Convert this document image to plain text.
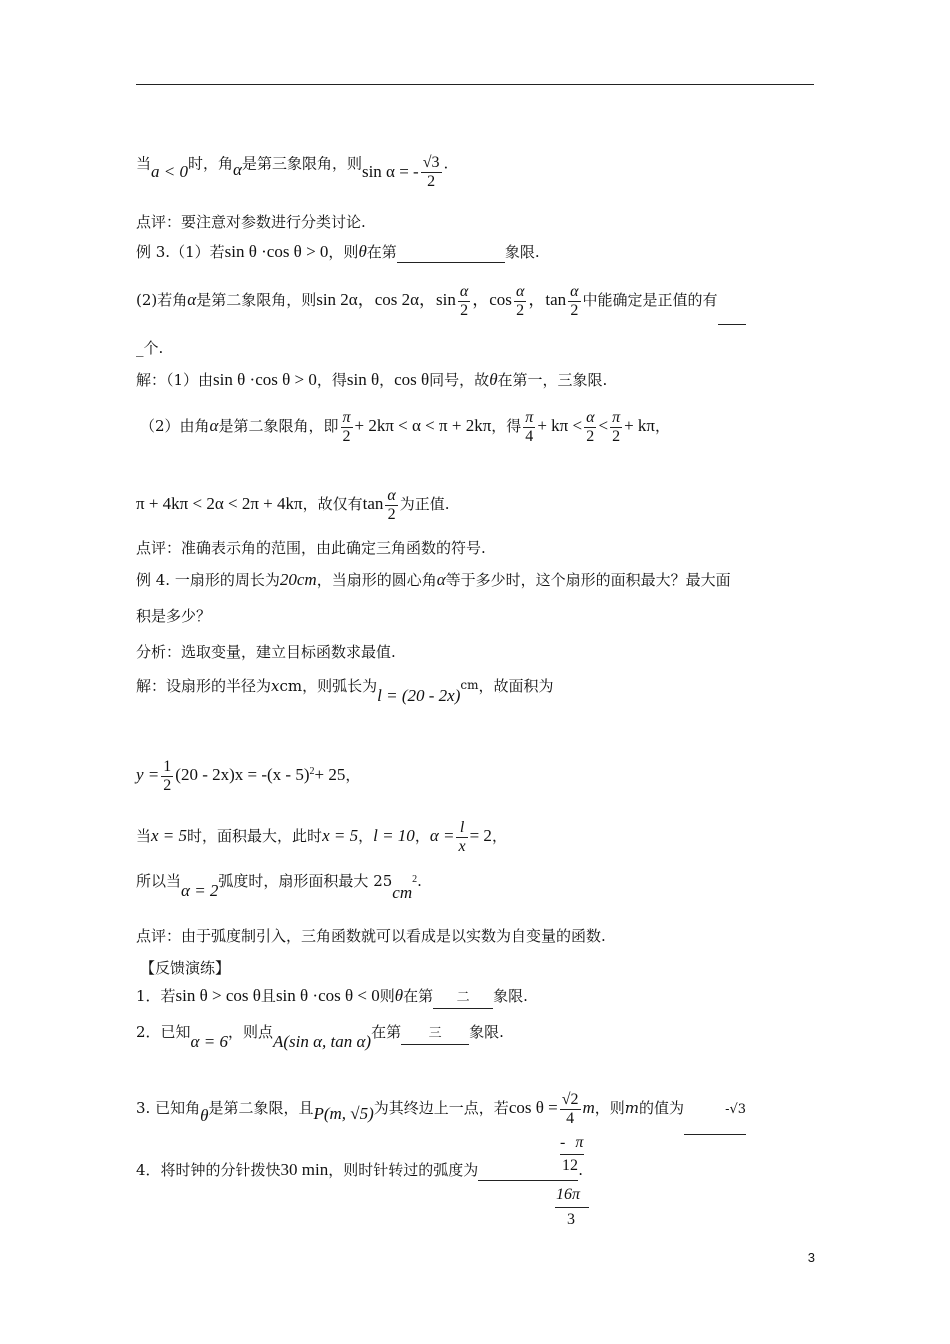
当a < 0时，角α是第三象限角，则sin α = - $\frac{√3}{2}$ .
点评：要注意对参数进行分类讨论.
例 3.（1）若sin θ ·cos θ > 0，则θ在第	象限.
(2)若角α是第二象限角，则sin 2α，cos 2α，$\sin \frac{\alpha}{2}$ ，$\cos \frac{\alpha}{2}$ ，$\tan \frac{\alpha}{2}$ 中能确定是正值的有
_个.
解：（1）由sin θ ·cos θ > 0，得sin θ，cos θ同号，故θ在第一，三象限.
（2）由角α是第二象限角，即 $\frac{\pi}{2} + 2k\pi < \alpha < \pi + 2k\pi$，得 $\frac{\pi}{4} + k\pi < \frac{\alpha}{2} < \frac{\pi}{2} + k\pi$，
π + 4kπ < 2α < 2π + 4kπ，故仅有$\tan \frac{\alpha}{2}$ 为正值.
点评：准确表示角的范围，由此确定三角函数的符号.
例 4. 一扇形的周长为20cm，当扇形的圆心角α等于多少时，这个扇形的面积最大？最大面
积是多少？
分析：选取变量，建立目标函数求最值.
解：设扇形的半径为xcm，则弧长为l = (20 - 2x)cm，故面积为
$y = \frac{1}{2} (20 - 2x)x = -(x - 5)^2+ 25$，
当x = 5时，面积最大，此时x = 5，l = 10，$\alpha = \frac{l}{x} = 2$，
所以当α = 2弧度时，扇形面积最大 $25cm^2$.
点评：由于弧度制引入，三角函数就可以看成是以实数为自变量的函数.
【反馈演练】
1．若sin θ > cos θ且sin θ ·cos θ < 0则θ在第 二 象限.
2．已知α = 6，则点A(sin α, tan α)在第 三 象限.
3. 已知角θ是第二象限，且P(m, √5)为其终边上一点，若$\cos \theta = \frac{√2}{4}$ m，则m的值为	-√3
- π
12
4．将时钟的分针拨快30 min，则时针转过的弧度为	.
16π
3
3
